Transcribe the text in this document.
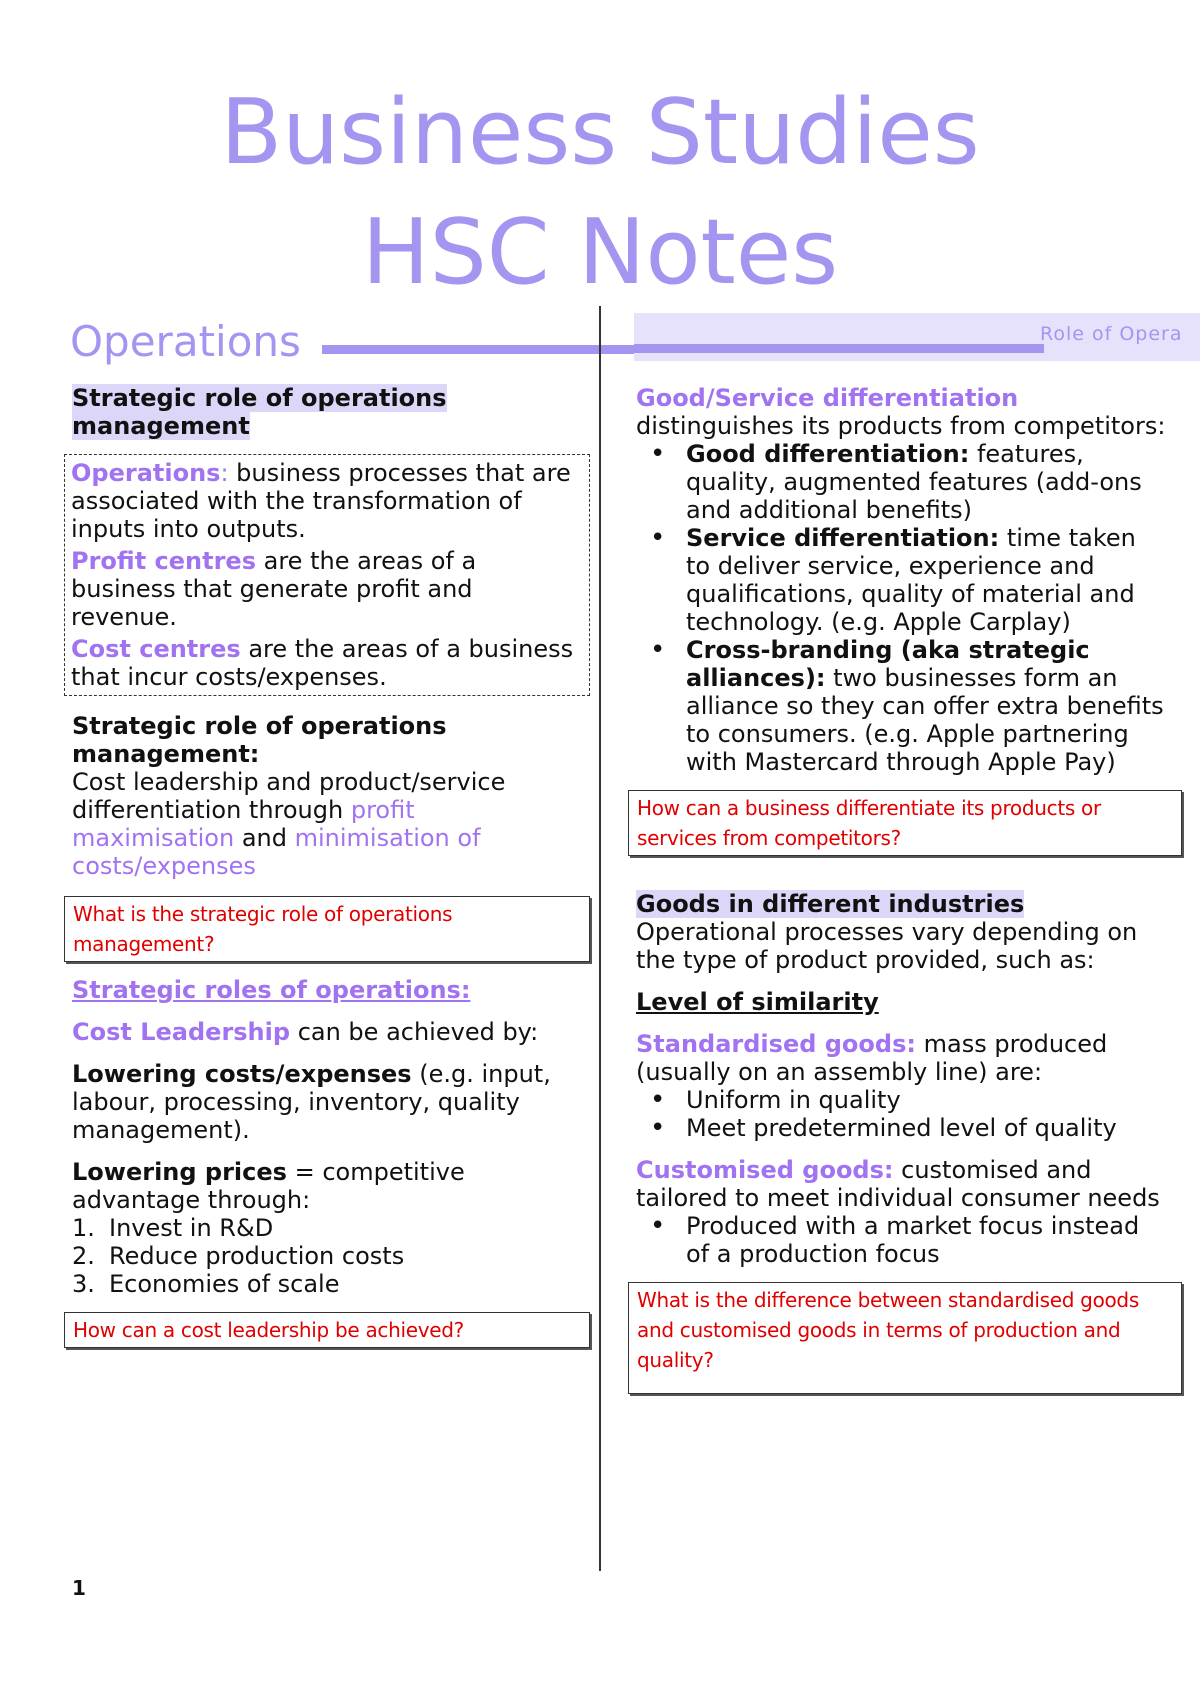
Business Studies
HSC Notes
Operations	Role of Opera

Strategic role of operations management

Operations: business processes that are associated with the transformation of inputs into outputs.

Profit centres are the areas of a business that generate profit and revenue.

Cost centres are the areas of a business that incur costs/expenses.

Strategic role of operations management:

Cost leadership and product/service differentiation through profit maximisation and minimisation of costs/expenses

What is the strategic role of operations management?

Strategic roles of operations:

Cost Leadership can be achieved by:

Lowering costs/expenses (e.g. input, labour, processing, inventory, quality management).

Lowering prices = competitive advantage through:

1. Invest in R&D
2. Reduce production costs
3. Economies of scale
How can a cost leadership be achieved?

Good/Service differentiation

distinguishes its products from competitors:

• Good differentiation: features, quality, augmented features (add-ons and additional benefits)
• Service differentiation: time taken to deliver service, experience and qualifications, quality of material and technology. (e.g. Apple Carplay)
• Cross-branding (aka strategic alliances): two businesses form an alliance so they can offer extra benefits to consumers. (e.g. Apple partnering with Mastercard through Apple Pay)
How can a business differentiate its products or services from competitors?

Goods in different industries

Operational processes vary depending on the type of product provided, such as:

Level of similarity

Standardised goods: mass produced (usually on an assembly line) are:

• Uniform in quality
• Meet predetermined level of quality

Customised goods: customised and tailored to meet individual consumer needs

• Produced with a market focus instead of a production focus
What is the difference between standardised goods and customised goods in terms of production and quality?
1
